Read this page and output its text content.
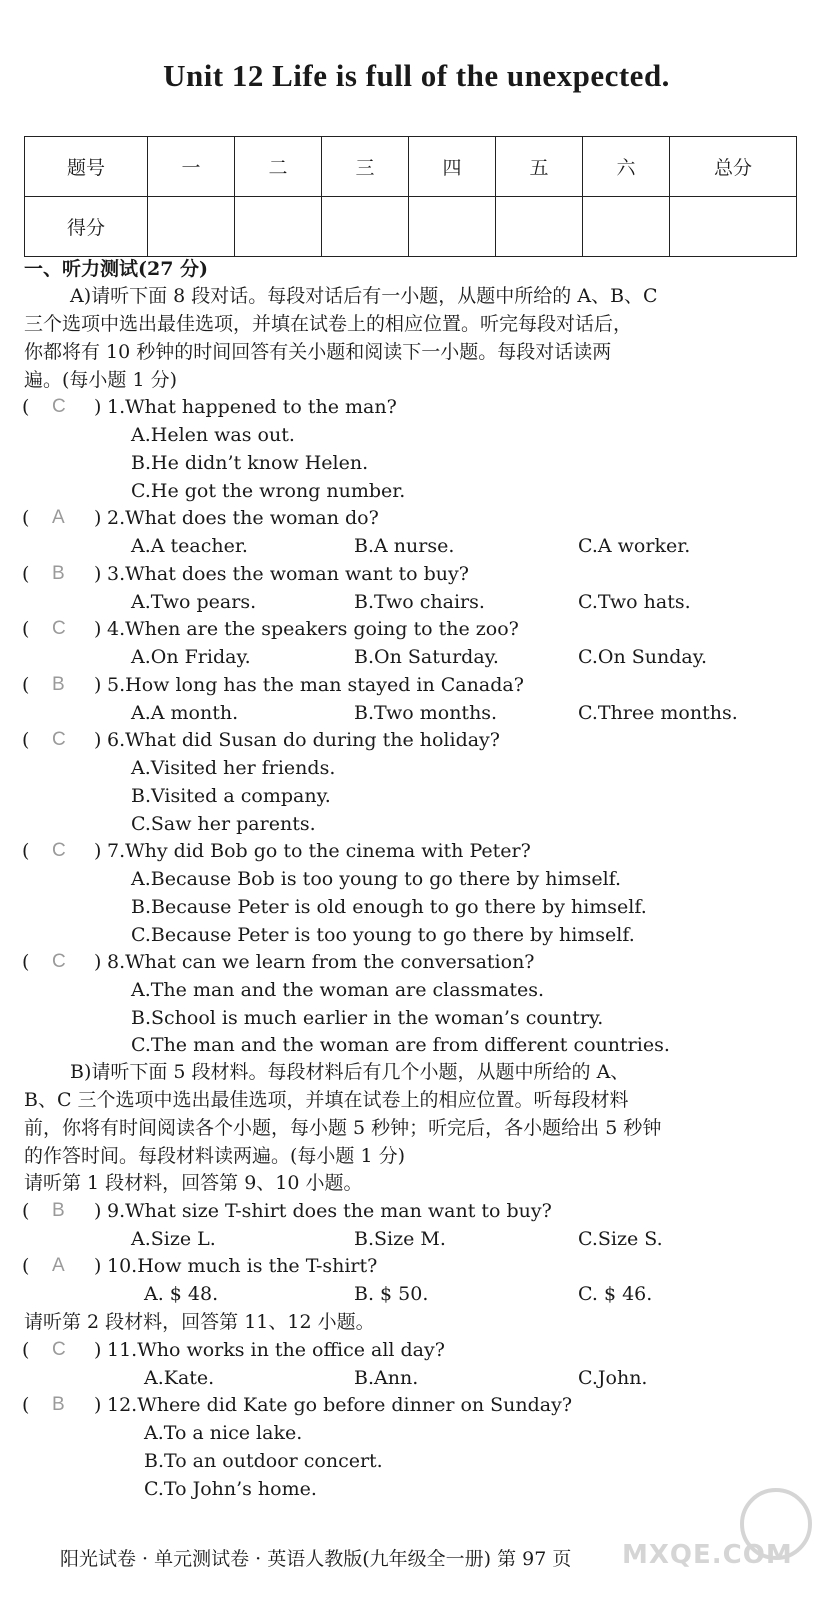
Unit 12 Life is full of the unexpected.
题号	一	二	三	四	五	六	总分
得分							
一、听力测试(27 分)
A)请听下面 8 段对话。每段对话后有一小题，从题中所给的 A、B、C
三个选项中选出最佳选项，并填在试卷上的相应位置。听完每段对话后，
你都将有 10 秒钟的时间回答有关小题和阅读下一小题。每段对话读两
遍。(每小题 1 分)
( C ) 1.What happened to the man?
A.Helen was out.
B.He didn’t know Helen.
C.He got the wrong number.
( A ) 2.What does the woman do?
A.A teacher.	B.A nurse.	C.A worker.
( B ) 3.What does the woman want to buy?
A.Two pears.	B.Two chairs.	C.Two hats.
( C ) 4.When are the speakers going to the zoo?
A.On Friday.	B.On Saturday.	C.On Sunday.
( B ) 5.How long has the man stayed in Canada?
A.A month.	B.Two months.	C.Three months.
( C ) 6.What did Susan do during the holiday?
A.Visited her friends.
B.Visited a company.
C.Saw her parents.
( C ) 7.Why did Bob go to the cinema with Peter?
A.Because Bob is too young to go there by himself.
B.Because Peter is old enough to go there by himself.
C.Because Peter is too young to go there by himself.
( C ) 8.What can we learn from the conversation?
A.The man and the woman are classmates.
B.School is much earlier in the woman’s country.
C.The man and the woman are from different countries.
B)请听下面 5 段材料。每段材料后有几个小题，从题中所给的 A、
B、C 三个选项中选出最佳选项，并填在试卷上的相应位置。听每段材料
前，你将有时间阅读各个小题，每小题 5 秒钟；听完后，各小题给出 5 秒钟
的作答时间。每段材料读两遍。(每小题 1 分)
请听第 1 段材料，回答第 9、10 小题。
( B ) 9.What size T-shirt does the man want to buy?
A.Size L.	B.Size M.	C.Size S.
( A ) 10.How much is the T-shirt?
A. $ 48.	B. $ 50.	C. $ 46.
请听第 2 段材料，回答第 11、12 小题。
( C ) 11.Who works in the office all day?
A.Kate.	B.Ann.	C.John.
( B ) 12.Where did Kate go before dinner on Sunday?
A.To a nice lake.
B.To an outdoor concert.
C.To John’s home.
MXQE.COM
阳光试卷 · 单元测试卷 · 英语人教版(九年级全一册) 第 97 页
